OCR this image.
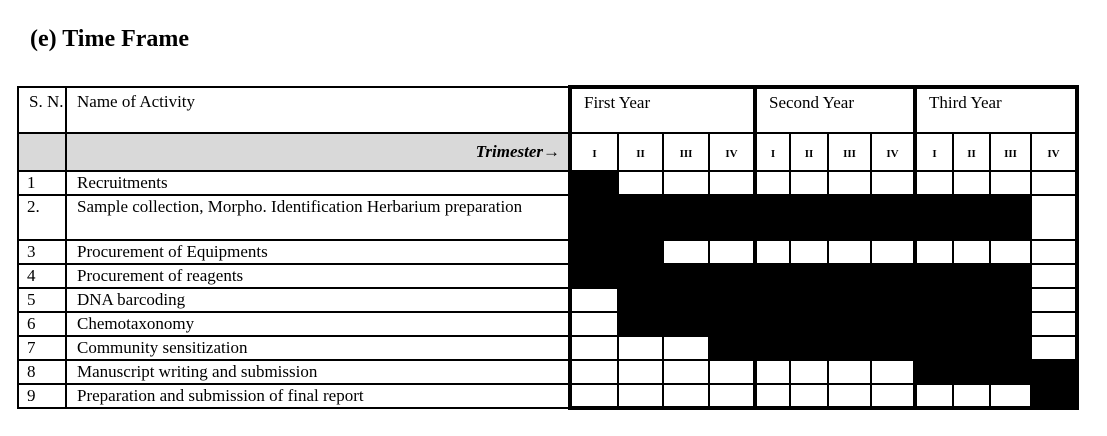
(e) Time Frame
S. N.	Name of Activity	First Year				Second Year				Third Year			
	Trimester→	I	II	III	IV	I	II	III	IV	I	II	III	IV
1	Recruitments												
2.	Sample collection, Morpho. Identification Herbarium preparation												
3	Procurement of Equipments												
4	Procurement of reagents												
5	DNA barcoding												
6	Chemotaxonomy												
7	Community sensitization												
8	Manuscript writing and submission												
9	Preparation and submission of final report												
